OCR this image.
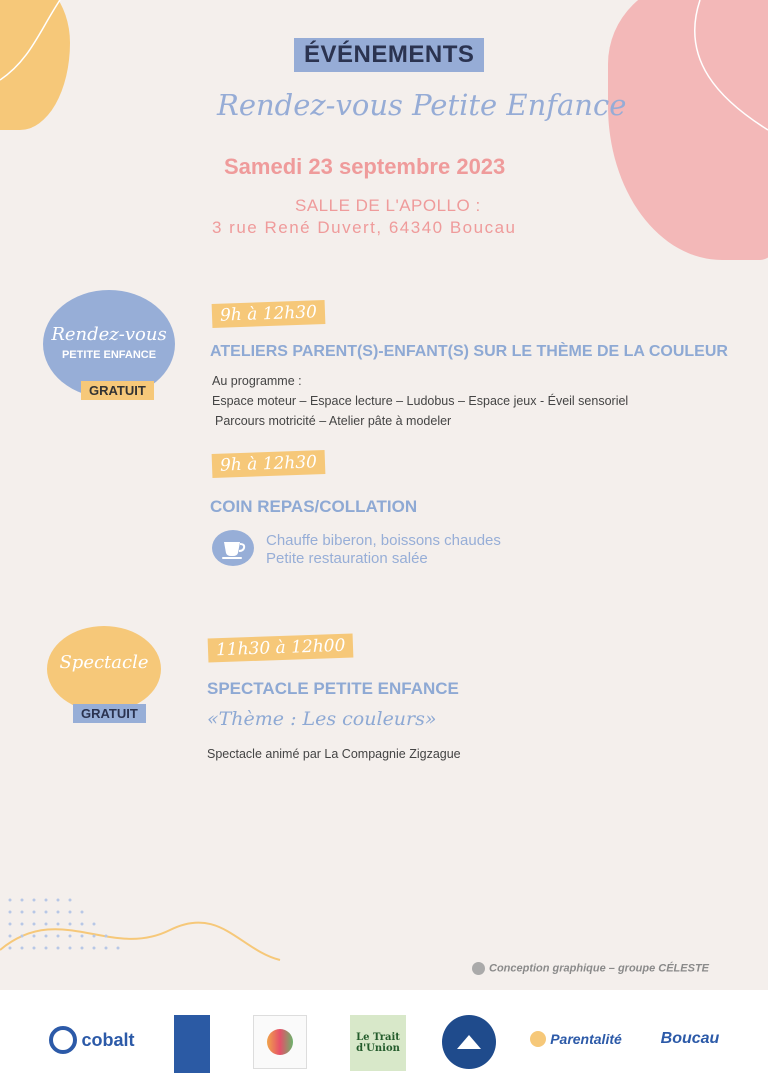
ÉVÉNEMENTS
Rendez-vous Petite Enfance
Samedi 23 septembre 2023
SALLE DE L'APOLLO :
3 rue René Duvert, 64340 Boucau
Rendez-vous
PETITE ENFANCE
GRATUIT
9h à 12h30
ATELIERS PARENT(S)-ENFANT(S) SUR LE THÈME DE LA COULEUR
Au programme :
Espace moteur – Espace lecture – Ludobus – Espace jeux - Éveil sensoriel
Parcours motricité – Atelier pâte à modeler
9h à 12h30
COIN REPAS/COLLATION
Chauffe biberon, boissons chaudes
Petite restauration salée
Spectacle
GRATUIT
11h30 à 12h00
SPECTACLE PETITE ENFANCE
«Thème : Les couleurs»
Spectacle animé par La Compagnie Zigzague
Conception graphique – groupe CÉLESTE
cobalt	Le Trait d'Union
Parentalité	Boucau
